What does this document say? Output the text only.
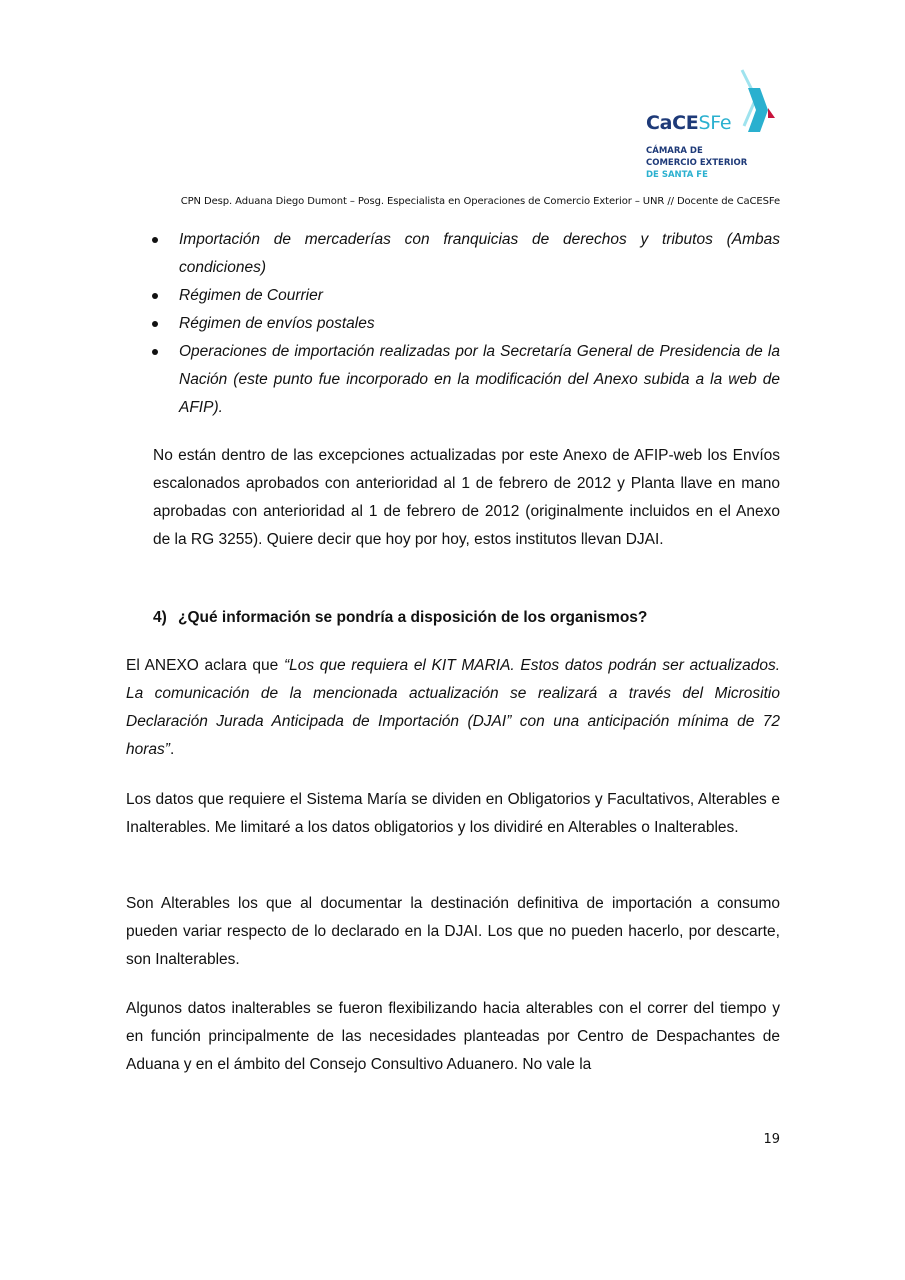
CaCESFe
CÁMARA DE
COMERCIO EXTERIOR
DE SANTA FE
CPN Desp. Aduana Diego Dumont – Posg. Especialista en Operaciones de Comercio Exterior – UNR // Docente de CaCESFe
Importación de mercaderías con franquicias de derechos y tributos (Ambas condiciones)
Régimen de Courrier
Régimen de envíos postales
Operaciones de importación realizadas por la Secretaría General de Presidencia de la Nación (este punto fue incorporado en la modificación del Anexo subida a la web de AFIP).

No están dentro de las excepciones actualizadas por este Anexo de AFIP-web los Envíos escalonados aprobados con anterioridad al 1 de febrero de 2012 y Planta llave en mano aprobadas con anterioridad al 1 de febrero de 2012 (originalmente incluidos en el Anexo de la RG 3255). Quiere decir que hoy por hoy, estos institutos llevan DJAI.

4) ¿Qué información se pondría a disposición de los organismos?

El ANEXO aclara que “Los que requiera el KIT MARIA. Estos datos podrán ser actualizados. La comunicación de la mencionada actualización se realizará a través del Micrositio Declaración Jurada Anticipada de Importación (DJAI” con una anticipación mínima de 72 horas”.

Los datos que requiere el Sistema María se dividen en Obligatorios y Facultativos, Alterables e Inalterables. Me limitaré a los datos obligatorios y los dividiré en Alterables o Inalterables.

Son Alterables los que al documentar la destinación definitiva de importación a consumo pueden variar respecto de lo declarado en la DJAI. Los que no pueden hacerlo, por descarte, son Inalterables.

Algunos datos inalterables se fueron flexibilizando hacia alterables con el correr del tiempo y en función principalmente de las necesidades planteadas por Centro de Despachantes de Aduana y en el ámbito del Consejo Consultivo Aduanero. No vale la

19
